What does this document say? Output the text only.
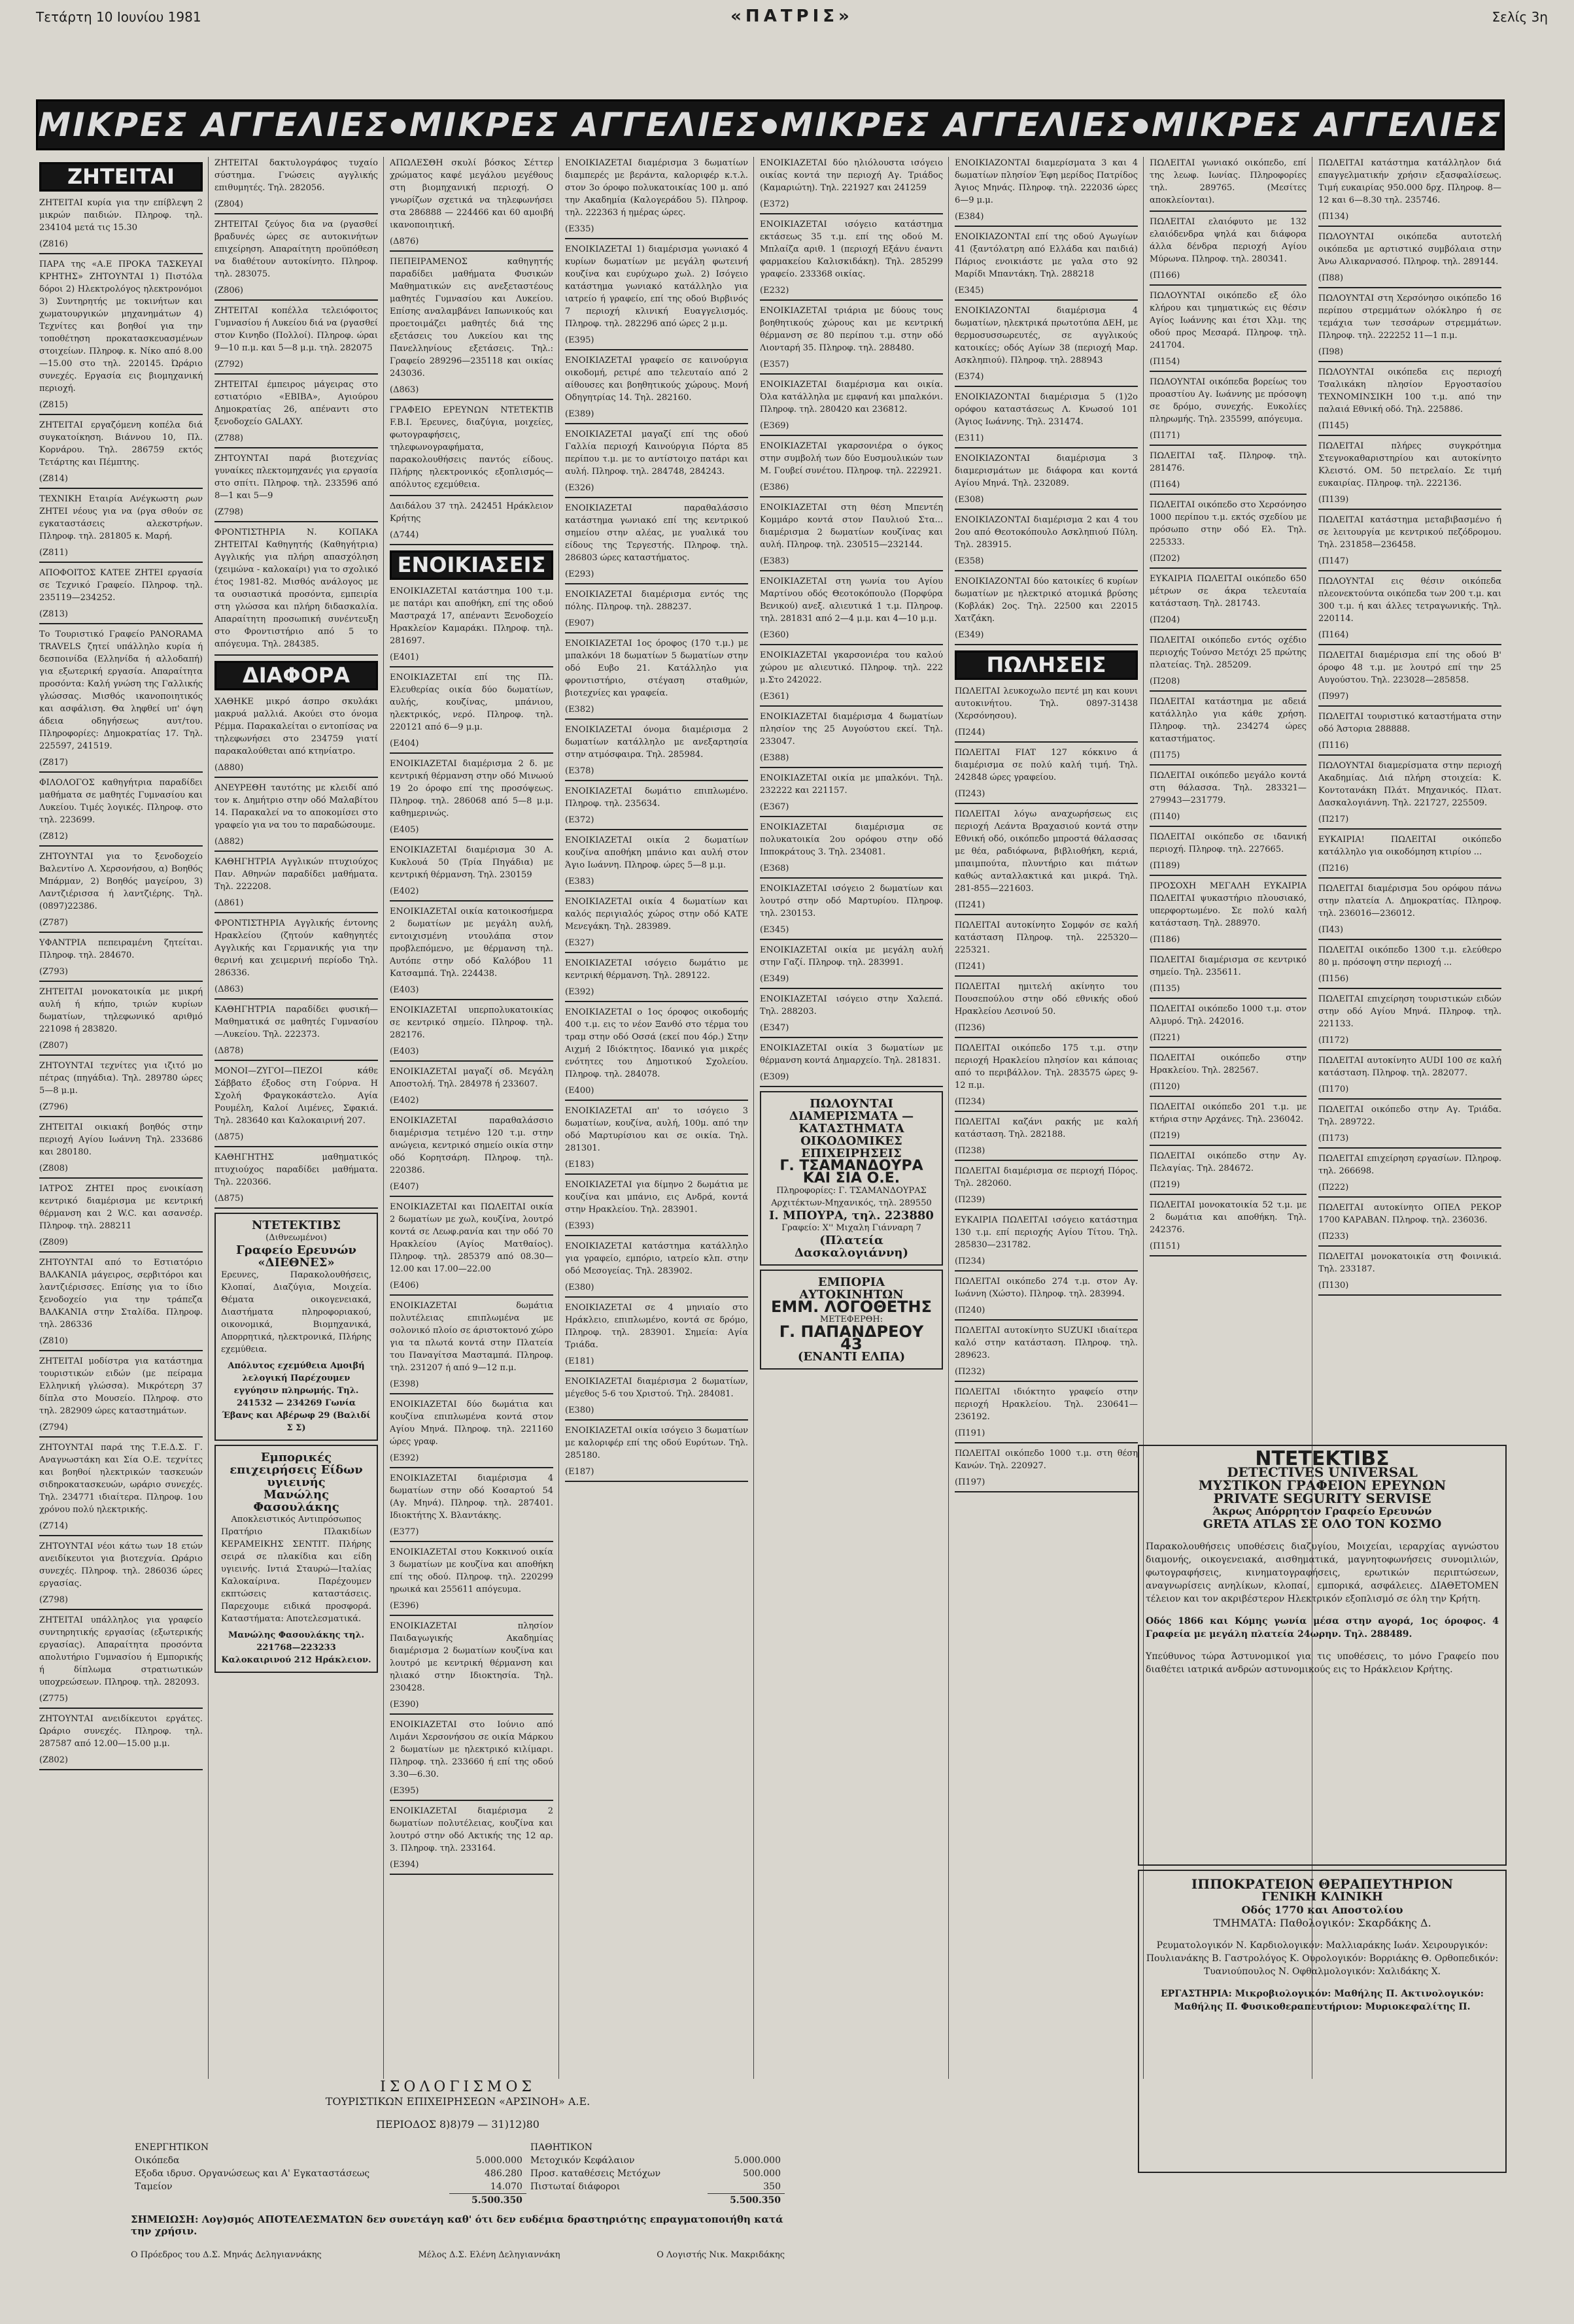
Τετάρτη 10 Ιουνίου 1981	«ΠΑΤΡΙΣ»	Σελίς 3η
ΜΙΚΡΕΣ ΑΓΓΕΛΙΕΣ ● ΜΙΚΡΕΣ ΑΓΓΕΛΙΕΣ ● ΜΙΚΡΕΣ ΑΓΓΕΛΙΕΣ ● ΜΙΚΡΕΣ ΑΓΓΕΛΙΕΣ
ΖΗΤΕΙΤΑΙ

ΖΗΤΕΙΤΑΙ κυρία για την επίβλεψη 2 μικρών παιδιών. Πληροφ. τηλ. 234104 μετά τις 15.30

(Ζ816)

ΠΑΡΑ της «Α.Ε ΠΡΟΚΑ ΤΑΣΚΕΥΑΙ ΚΡΗΤΗΣ» ΖΗΤΟΥΝΤΑΙ 1) Πιστόλα δόροι 2) Ηλεκτρολόγος ηλεκτρονόμοι 3) Συντηρητής με τοκινήτων και χωματουργικών μηχανημάτων 4) Τεχνίτες και βοηθοί για την τοποθέτηση προκατασκευασμένων στοιχείων. Πληροφ. κ. Νίκο από 8.00—15.00 στο τηλ. 220145. Ώράριο συνεχές. Εργασία εις βιομηχανική περιοχή.

(Ζ815)

ΖΗΤΕΙΤΑΙ εργαζόμενη κοπέλα διά συγκατοίκηση. Βιάννου 10, Πλ. Κορνάρου. Τηλ. 286759 εκτός Τετάρτης και Πέμπτης.

(Ζ814)

ΤΕΧΝΙΚΗ Εταιρία Ανέγκωστη ρων ΖΗΤΕΙ νέους για να (ργα σθούν σε εγκαταστάσεις αλεκστρήων. Πληροφ. τηλ. 281805 κ. Μαρή.

(Ζ811)

ΑΠΟΦΟΙΤΟΣ ΚΑΤΕΕ ΖΗΤΕΙ εργασία σε Τεχνικό Γραφείο. Πληροφ. τηλ. 235119—234252.

(Ζ813)

Το Τουριστικό Γραφείο PANORAMA TRAVELS ζητεί υπάλληλο κυρία ή δεσποινίδα (Ελληνίδα ή αλλοδαπή) για εξωτερική εργασία. Απαραίτητα προσόντα: Καλή γνώση της Γαλλικής γλώσσας. Μισθός ικανοποιητικός και ασφάλιση. Θα ληφθεί υπ' όψη άδεια οδηγήσεως αυτ/του. Πληροφορίες: Δημοκρατίας 17. Τηλ. 225597, 241519.

(Ζ817)

ΦΙΛΟΛΟΓΟΣ καθηγήτρια παραδίδει μαθήματα σε μαθητές Γυμνασίου και Λυκείου. Τιμές λογικές. Πληροφ. στο τηλ. 223699.

(Ζ812)

ΖΗΤΟΥΝΤΑΙ για το ξενοδοχείο Βαλεντίνο Λ. Χερσονήσου, α) Βοηθός Μπάρμαν, 2) Βοηθός μαγείρου, 3) Λαντζιέρισσα ή λαντζιέρης. Τηλ. (0897)22386.

(Ζ787)

ΥΦΑΝΤΡΙΑ πεπειραμένη ζητείται. Πληροφ. τηλ. 284670.

(Ζ793)

ΖΗΤΕΙΤΑΙ μονοκατοικία με μικρή αυλή ή κήπο, τριών κυρίων δωματίων, τηλεφωνικό αριθμό 221098 ή 283820.

(Ζ807)

ΖΗΤΟΥΝΤΑΙ τεχνίτες για ιζιτό μο πέτρας (πηγάδια). Τηλ. 289780 ώρες 5—8 μ.μ.

(Ζ796)

ΖΗΤΕΙΤΑΙ οικιακή βοηθός στην περιοχή Αγίου Ιωάννη Τηλ. 233686 και 280180.

(Ζ808)

ΙΑΤΡΟΣ ΖΗΤΕΙ προς ενοικίαση κεντρικό διαμέρισμα με κεντρική θέρμανση και 2 W.C. και ασανσέρ. Πληροφ. τηλ. 288211

(Ζ809)

ΖΗΤΟΥΝΤΑΙ από το Εστιατόριο ΒΑΛΚΑΝΙΑ μάγειρος, σερβιτόροι και λαντζιέρισσες. Επίσης για το ίδιο ξενοδοχείο για την τράπεζα ΒΑΛΚΑΝΙΑ στην Σταλίδα. Πληροφ. τηλ. 286336

(Ζ810)

ΖΗΤΕΙΤΑΙ μοδίστρα για κατάστημα τουριστικών ειδών (με πείραμα Ελληνική γλώσσα). Μικρότερη 37 δίπλα στο Μουσείο. Πληροφ. στο τηλ. 282909 ώρες καταστημάτων.

(Ζ794)

ΖΗΤΟΥΝΤΑΙ παρά της Τ.Ε.Δ.Σ. Γ. Αναγνωστάκη και Σία Ο.Ε. τεχνίτες και βοηθοί ηλεκτρικών τασκευών σιδηροκατασκευών, ωράριο συνεχές. Τηλ. 234771 ιδιαίτερα. Πληροφ. 1ου χρόνου πολύ ηλεκτρικής.

(Ζ714)

ΖΗΤΟΥΝΤΑΙ νέοι κάτω των 18 ετών ανειδίκευτοι για βιοτεχνία. Ωράριο συνεχές. Πληροφ. τηλ. 286036 ώρες εργασίας.

(Ζ798)

ΖΗΤΕΙΤΑΙ υπάλληλος για γραφείο συντηρητικής εργασίας (εξωτερικής εργασίας). Απαραίτητα προσόντα απολυτήριο Γυμνασίου ή Εμπορικής ή δίπλωμα στρατιωτικών υποχρεώσεων. Πληροφ. τηλ. 282093.

(Ζ775)

ΖΗΤΟΥΝΤΑΙ ανειδίκευτοι εργάτες. Ωράριο συνεχές. Πληροφ. τηλ. 287587 από 12.00—15.00 μ.μ.

(Ζ802)

ΖΗΤΕΙΤΑΙ δακτυλογράφος τυχαίο σύστημα. Γνώσεις αγγλικής επιθυμητές. Τηλ. 282056.

(Ζ804)

ΖΗΤΕΙΤΑΙ ζεύγος δια να (ργασθεί βραδυνές ώρες σε αυτοκινήτων επιχείρηση. Απαραίτητη προϋπόθεση να διαθέτουν αυτοκίνητο. Πληροφ. τηλ. 283075.

(Ζ806)

ΖΗΤΕΙΤΑΙ κοπέλλα τελειόφοιτος Γυμνασίου ή Λυκείου διά να (ργασθεί στον Κινηδο (Πολλοί). Πληροφ. ώραι 9—10 π.μ. και 5—8 μ.μ. τηλ. 282075

(Ζ792)

ΖΗΤΕΙΤΑΙ έμπειρος μάγειρας στο εστιατόριο «ΕΒΙΒΑ», Αγιούρου Δημοκρατίας 26, απέναντι στο ξενοδοχείο GALAXY.

(Ζ788)

ΖΗΤΟΥΝΤΑΙ παρά βιοτεχνίας γυναίκες πλεκτομηχανές για εργασία στο σπίτι. Πληροφ. τηλ. 233596 από 8—1 και 5—9

(Ζ798)

ΦΡΟΝΤΙΣΤΗΡΙΑ Ν. ΚΟΠΑΚΑ ΖΗΤΕΙΤΑΙ Καθηγητής (Καθηγήτρια) Αγγλικής για πλήρη απασχόληση (χειμώνα - καλοκαίρι) για το σχολικό έτος 1981-82. Μισθός ανάλογος με τα ουσιαστικά προσόντα, εμπειρία στη γλώσσα και πλήρη διδασκαλία. Απαραίτητη προσωπική συνέντευξη στο Φροντιστήριο από 5 το απόγευμα. Τηλ. 284385.

ΔΙΑΦΟΡΑ

ΧΑΘΗΚΕ μικρό άσπρο σκυλάκι μακρυά μαλλιά. Ακούει στο όνομα Ρέμμα. Παρακαλείται ο εντοπίσας να τηλεφωνήσει στο 234759 γιατί παρακαλούθεται από κτηνίατρο.

(Δ880)

ΑΝΕΥΡΕΘΗ ταυτότης με κλειδί από τον κ. Δημήτριο στην οδό Μαλαβίτου 14. Παρακαλεί να το αποκομίσει στο γραφείο για να του το παραδώσουμε.

(Δ882)

ΚΑΘΗΓΗΤΡΙΑ Αγγλικών πτυχιούχος Παν. Αθηνών παραδίδει μαθήματα. Τηλ. 222208.

(Δ861)

ΦΡΟΝΤΙΣΤΗΡΙΑ Αγγλικής έντονης Ηρακλείου (ζητούν καθηγητές Αγγλικής και Γερμανικής για την θερινή και χειμερινή περίοδο Τηλ. 286336.

(Δ863)

ΚΑΘΗΓΗΤΡΙΑ παραδίδει φυσική—Μαθηματικά σε μαθητές Γυμνασίου—Λυκείου. Τηλ. 222373.

(Δ878)

ΜΟΝΟΙ—ΖΥΓΟΙ—ΠΕΖΟΙ κάθε Σάββατο έξοδος στη Γούρνα. Η Σχολή Φραγκοκάστελο. Αγία Ρουμέλη, Καλοί Λιμένες, Σφακιά. Τηλ. 283640 και Καλοκαιρινή 207.

(Δ875)

ΚΑΘΗΓΗΤΗΣ μαθηματικός πτυχιούχος παραδίδει μαθήματα. Τηλ. 220366.

(Δ875)
ΝΤΕΤΕΚΤΙΒΣ
(Διθνεωμένοι)
Γραφείο Ερευνών
«ΔΙΕΘΝΕΣ»

Ερευνες, Παρακολουθήσεις, Κλοπαί, Διαζύγια, Μοιχεία. Θέματα οικογενειακά, Διαστήματα πληροφοριακού, οικονομικά, Βιομηχανικά, Απορρητικά, ηλεκτρονικά, Πλήρης εχεμύθεια.

Απόλυτος εχεμύθεια Αμοιβή λελογική Παρέχουμεν εγγύησιν πληρωμής. Τηλ. 241532 — 234269 Γωνία Έβανς και Αβέρωφ 29 (Βαλιδί Σ Σ)
Εμπορικές επιχειρήσεις Είδων υγιεινής
Μανώλης Φασουλάκης
Αποκλειστικός Αντιπρόσωπος

Πρατήριο Πλακιδίων ΚΕΡΑΜΕΙΚΗΣ ΣΕΝΤΙΤ. Πλήρης σειρά σε πλακίδια και είδη υγιεινής. Ιντιά Σταυρώ—Ιταλίας Καλοκαίρινα. Παρέχουμεν εκπτώσεις καταστάσεις. Παρεχουμε ειδικά προσφορά. Καταστήματα: Αποτελεσματικά.

Μανώλης Φασουλάκης τηλ. 221768—223233 Καλοκαιρινού 212 Ηράκλειον.

ΑΠΩΛΕΣΘΗ σκυλί βόσκος Σέττερ χρώματος καφέ μεγάλου μεγέθους στη βιομηχανική περιοχή. Ο γνωρίζων σχετικά να τηλεφωνήσει στα 286888 — 224466 και 60 αμοιβή ικανοποιητική.

(Δ876)

ΠΕΠΕΙΡΑΜΕΝΟΣ καθηγητής παραδίδει μαθήματα Φυσικών Μαθηματικών εις ανεξεταστέους μαθητές Γυμνασίου και Λυκείου. Επίσης αναλαμβάνει Ιαπωνικούς και προετοιμάζει μαθητές διά της εξετάσεις του Λυκείου και της Πανελληνίους εξετάσεις. Τηλ.: Γραφείο 289296—235118 και οικίας 243036.

(Δ863)

ΓΡΑΦΕΙΟ ΕΡΕΥΝΩΝ ΝΤΕΤΕΚΤΙΒ F.B.I. Έρευνες, διαζύγια, μοιχείες, φωτογραφήσεις, τηλεφωνογραφήματα, παρακολουθήσεις παντός είδους. Πλήρης ηλεκτρονικός εξοπλισμός—απόλυτος εχεμύθεια.

Δαιδάλου 37 τηλ. 242451 Ηράκλειον Κρήτης

(Δ744)
ΕΝΟΙΚΙΑΣΕΙΣ

ΕΝΟΙΚΙΑΖΕΤΑΙ κατάστημα 100 τ.μ. με πατάρι και αποθήκη, επί της οδού Μαστραχά 17, απέναντι Ξενοδοχείο Ηρακλείον Καμαράκι. Πληροφ. τηλ. 281697.

(Ε401)

ΕΝΟΙΚΙΑΖΕΤΑΙ επί της Πλ. Ελευθερίας οικία δύο δωματίων, αυλής, κουζίνας, μπάνιου, ηλεκτρικός, νερό. Πληροφ. τηλ. 220121 από 6—9 μ.μ.

(Ε404)

ΕΝΟΙΚΙΑΖΕΤΑΙ διαμέρισμα 2 δ. με κεντρική θέρμανση στην οδό Μινωού 19 2ο όροφο επί της προσόψεως. Πληροφ. τηλ. 286068 από 5—8 μ.μ. καθημερινώς.

(Ε405)

ΕΝΟΙΚΙΑΖΕΤΑΙ διαμέρισμα 30 Α. Κυκλουά 50 (Τρία Πηγάδια) με κεντρική θέρμανση. Τηλ. 230159

(Ε402)

ΕΝΟΙΚΙΑΖΕΤΑΙ οικία κατοικοσήμερα 2 δωματίων με μεγάλη αυλή, εντοιχισμένη ντουλάπα στον προβλεπόμενο, με θέρμανση τηλ. Αυτόπε στην οδό Καλόβου 11 Κατσαμπά. Τηλ. 224438.

(Ε403)

ΕΝΟΙΚΙΑΖΕΤΑΙ υπερπολυκατοικίας σε κεντρικό σημείο. Πληροφ. τηλ. 282176.

(Ε403)

ΕΝΟΙΚΙΑΖΕΤΑΙ μαγαζί σδ. Μεγάλη Αποστολή. Τηλ. 284978 ή 233607.

(Ε402)

ΕΝΟΙΚΙΑΖΕΤΑΙ παραθαλάσσιο διαμέρισμα τετμένο 120 τ.μ. στην ανώγεια, κεντρικό σημείο οικία στην οδό Κορητσάρη. Πληροφ. τηλ. 220386.

(Ε407)

ΕΝΟΙΚΙΑΖΕΤΑΙ και ΠΩΛΕΙΤΑΙ οικία 2 δωματίων με χωλ, κουζίνα, λουτρό κοντά σε Λεωφ.ρανία και την οδό 70 Ηρακλείου (Αγίος Ματθαίος). Πληροφ. τηλ. 285379 από 08.30—12.00 και 17.00—22.00

(Ε406)

ΕΝΟΙΚΙΑΖΕΤΑΙ δωμάτια πολυτέλειας επιπλωμένα με σολονικό πλοίο σε άριστοκτονό χώρο για τα πλωτά κοντά στην Πλατεία του Παναγίτσα Μασταμπά. Πληροφ. τηλ. 231207 ή από 9—12 π.μ.

(Ε398)

ΕΝΟΙΚΙΑΖΕΤΑΙ δύο δωμάτια και κουζίνα επιπλωμένα κοντά στον Αγίου Μηνά. Πληροφ. τηλ. 221160 ώρες γραφ.

(Ε392)

ΕΝΟΙΚΙΑΖΕΤΑΙ διαμέρισμα 4 δωματίων στην οδό Κοσαρτού 54 (Αγ. Μηνά). Πληροφ. τηλ. 287401. Ιδιοκτήτης Χ. Βλαντάκης.

(Ε377)

ΕΝΟΙΚΙΑΖΕΤΑΙ στου Κοκκινού οικία 3 δωματίων με κουζίνα και αποθήκη επί της οδού. Πληροφ. τηλ. 220299 ηρωικά και 255611 απόγευμα.

(Ε396)

ΕΝΟΙΚΙΑΖΕΤΑΙ πλησίον Παιδαγωγικής Ακαδημίας διαμέρισμα 2 δωματίων κουζίνα και λουτρό με κεντρική θέρμανση και ηλιακό στην Ιδιοκτησία. Τηλ. 230428.

(Ε390)

ΕΝΟΙΚΙΑΖΕΤΑΙ στο Ιούνιο από Λιμάνι Χερσονήσου σε οικία Μάρκου 2 δωματίων με ηλεκτρικό κιλίμαρι. Πληροφ. τηλ. 233660 ή επί της οδού 3.30—6.30.

(Ε395)

ΕΝΟΙΚΙΑΖΕΤΑΙ διαμέρισμα 2 δωματίων πολυτέλειας, κουζίνα και λουτρό στην οδό Ακτικής της 12 αρ. 3. Πληροφ. τηλ. 233164.

(Ε394)

ΕΝΟΙΚΙΑΖΕΤΑΙ διαμέρισμα 3 δωματίων διαμπερές με βεράντα, καλοριφέρ κ.τ.λ. στον 3ο όροφο πολυκατοικίας 100 μ. από την Ακαδημία (Καλογεράδου 5). Πληροφ. τηλ. 222363 ή ημέρας ώρες.

(Ε335)

ΕΝΟΙΚΙΑΖΕΤΑΙ 1) διαμέρισμα γωνιακό 4 κυρίων δωματίων με μεγάλη φωτεινή κουζίνα και ευρύχωρο χωλ. 2) Ισόγειο κατάστημα γωνιακό κατάλληλο για ιατρείο ή γραφείο, επί της οδού Βιρβινός 7 περιοχή κλινική Ευαγγελισμός. Πληροφ. τηλ. 282296 από ώρες 2 μ.μ.

(Ε395)

ΕΝΟΙΚΙΑΖΕΤΑΙ γραφείο σε καινούργια οικοδομή, ρετιρέ απο τελευταίο από 2 αίθουσες και βοηθητικούς χώρους. Μονή Οδηγητρίας 14. Τηλ. 282160.

(Ε389)

ΕΝΟΙΚΙΑΖΕΤΑΙ μαγαζί επί της οδού Γαλλία περιοχή Καινούργια Πόρτα 85 περίπου τ.μ. με το αντίστοιχο πατάρι και αυλή. Πληροφ. τηλ. 284748, 284243.

(Ε326)

ΕΝΟΙΚΙΑΖΕΤΑΙ παραθαλάσσιο κατάστημα γωνιακό επί της κεντρικού σημείου στην αλέας, με γυαλικά του είδους της Τεργεστής. Πληροφ. τηλ. 286803 ώρες καταστήματος.

(Ε293)

ΕΝΟΙΚΙΑΖΕΤΑΙ διαμέρισμα εντός της πόλης. Πληροφ. τηλ. 288237.

(Ε907)

ΕΝΟΙΚΙΑΖΕΤΑΙ 1ος όροφος (170 τ.μ.) με μπαλκόνι 18 δωματίων 5 δωματίων στην οδό Ευβο 21. Κατάλληλο για φροντιστήριο, στέγαση σταθμών, βιοτεχνίες και γραφεία.

(Ε382)

ΕΝΟΙΚΙΑΖΕΤΑΙ όνομα διαμέρισμα 2 δωματίων κατάλληλο με ανεξαρτησία στην ατμόσφαιρα. Τηλ. 285984.

(Ε378)

ΕΝΟΙΚΙΑΖΕΤΑΙ δωμάτιο επιπλωμένο. Πληροφ. τηλ. 235634.

(Ε372)

ΕΝΟΙΚΙΑΖΕΤΑΙ οικία 2 δωματίων κουζίνα αποθήκη μπάνιο και αυλή στον Άγιο Ιωάννη. Πληροφ. ώρες 5—8 μ.μ.

(Ε383)

ΕΝΟΙΚΙΑΖΕΤΑΙ οικία 4 δωματίων και καλός περιγιαλός χώρος στην οδό ΚΑΤΕ Μενεγάκη. Τηλ. 283989.

(Ε327)

ΕΝΟΙΚΙΑΖΕΤΑΙ ισόγειο δωμάτιο με κεντρική θέρμανση. Τηλ. 289122.

(Ε392)

ΕΝΟΙΚΙΑΖΕΤΑΙ ο 1ος όροφος οικοδομής 400 τ.μ. εις το νέον Ξανθό στο τέρμα του τραμ στην οδό Οσσά (εκεί που 4όρ.) Στην Αιχμή 2 Ιδιόκτητος. Ιδανικό για μικρές ενότητες του Δημοτικού Σχολείου. Πληροφ. τηλ. 284078.

(Ε400)

ΕΝΟΙΚΙΑΖΕΤΑΙ απ' το ισόγειο 3 δωματίων, κουζίνα, αυλή, 100μ. από την οδό Μαρτυρίσιου και σε οικία. Τηλ. 281301.

(Ε183)

ΕΝΟΙΚΙΑΖΕΤΑΙ για δίμηνο 2 δωμάτια με κουζίνα και μπάνιο, εις Ανδρά, κοντά στην Ηρακλείου. Τηλ. 283901.

(Ε393)

ΕΝΟΙΚΙΑΖΕΤΑΙ κατάστημα κατάλληλο για γραφείο, εμπόριο, ιατρείο κλπ. στην οδό Μεσογείας. Τηλ. 283902.

(Ε380)

ΕΝΟΙΚΙΑΖΕΤΑΙ σε 4 μηνιαίο στο Ηράκλειο, επιπλωμένο, κοντά σε δρόμο, Πληροφ. τηλ. 283901. Σημεία: Αγία Τριάδα.

(Ε181)

ΕΝΟΙΚΙΑΖΕΤΑΙ διαμέρισμα 2 δωματίων, μέγεθος 5-6 του Χριστού. Τηλ. 284081.

(Ε380)

ΕΝΟΙΚΙΑΖΕΤΑΙ οικία ισόγειο 3 δωματίων με καλοριφέρ επί της οδού Ευρύτων. Τηλ. 285180.

(Ε187)

ΕΝΟΙΚΙΑΖΕΤΑΙ δύο ηλιόλουστα ισόγειο οικίας κοντά την περιοχή Αγ. Τριάδος (Καμαριώτη). Τηλ. 221927 και 241259

(Ε372)

ΕΝΟΙΚΙΑΖΕΤΑΙ ισόγειο κατάστημα εκτάσεως 35 τ.μ. επί της οδού Μ. Μπλαίζα αριθ. 1 (περιοχή Εξάνυ έναντι φαρμακείου Καλισκιδάκη). Τηλ. 285299 γραφείο. 233368 οικίας.

(Ε232)

ΕΝΟΙΚΙΑΖΕΤΑΙ τριάρια με δύους τους βοηθητικούς χώρους και με κεντρική θέρμανση σε 80 περίπου τ.μ. στην οδό Λιονταρή 35. Πληροφ. τηλ. 288480.

(Ε357)

ΕΝΟΙΚΙΑΖΕΤΑΙ διαμέρισμα και οικία. Όλα κατάλληλα με εμφανή και μπαλκόνι. Πληροφ. τηλ. 280420 και 236812.

(Ε369)

ΕΝΟΙΚΙΑΖΕΤΑΙ γκαρσονιέρα ο όγκος στην συμβολή των δύο Ευσμουλικών των Μ. Γουβεί συνέτου. Πληροφ. τηλ. 222921.

(Ε386)

ΕΝΟΙΚΙΑΖΕΤΑΙ στη θέση Μπεντέη Κομμάρο κοντά στον Παυλιού Στα... διαμέρισμα 2 δωματίων κουζίνας και αυλή. Πληροφ. τηλ. 230515—232144.

(Ε383)

ΕΝΟΙΚΙΑΖΕΤΑΙ στη γωνία του Αγίου Μαρτίνου οδός Θεοτοκόπουλο (Πορφύρα Βενικού) ανεξ. αλιευτικά 1 τ.μ. Πληροφ. τηλ. 281831 από 2—4 μ.μ. και 4—10 μ.μ.

(Ε360)

ΕΝΟΙΚΙΑΖΕΤΑΙ γκαρσονιέρα του καλού χώρου με αλιευτικό. Πληροφ. τηλ. 222 μ.Στο 242022.

(Ε361)

ΕΝΟΙΚΙΑΖΕΤΑΙ διαμέρισμα 4 δωματίων πλησίον της 25 Αυγούστου εκεί. Τηλ. 233047.

(Ε388)

ΕΝΟΙΚΙΑΖΕΤΑΙ οικία με μπαλκόνι. Τηλ. 232222 και 221157.

(Ε367)

ΕΝΟΙΚΙΑΖΕΤΑΙ διαμέρισμα σε πολυκατοικία 2ου ορόφου στην οδό Ιπποκράτους 3. Τηλ. 234081.

(Ε368)

ΕΝΟΙΚΙΑΖΕΤΑΙ ισόγειο 2 δωματίων και λουτρό στην οδό Μαρτυρίου. Πληροφ. τηλ. 230153.

(Ε345)

ΕΝΟΙΚΙΑΖΕΤΑΙ οικία με μεγάλη αυλή στην Γαζί. Πληροφ. τηλ. 283991.

(Ε349)

ΕΝΟΙΚΙΑΖΕΤΑΙ ισόγειο στην Χαλεπά. Τηλ. 288203.

(Ε347)

ΕΝΟΙΚΙΑΖΕΤΑΙ οικία 3 δωματίων με θέρμανση κοντά Δημαρχείο. Τηλ. 281831.

(Ε309)
ΠΩΛΟΥΝΤΑΙ
ΔΙΑΜΕΡΙΣΜΑΤΑ — ΚΑΤΑΣΤΗΜΑΤΑ
ΟΙΚΟΔΟΜΙΚΕΣ ΕΠΙΧΕΙΡΗΣΕΙΣ
Γ. ΤΣΑΜΑΝΔΟΥΡΑ ΚΑΙ ΣΙΑ Ο.Ε.
Πληροφορίες: Γ. ΤΣΑΜΑΝΔΟΥΡΑΣ
Αρχιτέκτων-Μηχανικός, τηλ. 289550
Ι. ΜΠΟΥΡΑ, τηλ. 223880
Γραφείο: Χ'' Μιχαλη Γιάνναρη 7
(Πλατεία Δασκαλογιάννη)
ΕΜΠΟΡΙΑ ΑΥΤΟΚΙΝΗΤΩΝ
ΕΜΜ. ΛΟΓΟΘΕΤΗΣ
ΜΕΤΕΦΕΡΘΗ:
Γ. ΠΑΠΑΝΔΡΕΟΥ 43
(ΕΝΑΝΤΙ ΕΛΠΑ)

ΕΝΟΙΚΙΑΖΟΝΤΑΙ διαμερίσματα 3 και 4 δωματίων πλησίον Έφη μερίδος Πατρίδος Άγιος Μηνάς. Πληροφ. τηλ. 222036 ώρες 6—9 μ.μ.

(Ε384)

ΕΝΟΙΚΙΑΖΟΝΤΑΙ επί της οδού Αγωγίων 41 (ξαντόλατρη από Ελλάδα και παιδιά) Πάριος ενοικιάστε με γαλα στο 92 Μαρίδι Μπαντάκη. Τηλ. 288218

(Ε345)

ΕΝΟΙΚΙΑΖΟΝΤΑΙ διαμέρισμα 4 δωματίων, ηλεκτρικά πρωτοτύπα ΔΕΗ, με θερμοσυσσωρευτές, σε αγγλικούς κατοικίες; οδός Αγίων 38 (περιοχή Μαρ. Ασκληπιού). Πληροφ. τηλ. 288943

(Ε374)

ΕΝΟΙΚΙΑΖΟΝΤΑΙ διαμέρισμα 5 (1)2ο ορόφου καταστάσεως Λ. Κνωσού 101 (Άγιος Ιωάννης. Τηλ. 231474.

(Ε311)

ΕΝΟΙΚΙΑΖΟΝΤΑΙ διαμέρισμα 3 διαμερισμάτων με διάφορα και κοντά Αγίου Μηνά. Τηλ. 232089.

(Ε308)

ΕΝΟΙΚΙΑΖΟΝΤΑΙ διαμέρισμα 2 και 4 του 2ου από Θεοτοκόπουλο Ασκληπιού Πύλη. Τηλ. 283915.

(Ε358)

ΕΝΟΙΚΙΑΖΟΝΤΑΙ δύο κατοικίες 6 κυρίων δωματίων με ηλεκτρικό ατομικά βρύσης (Κοβλάκ) 2ος. Τηλ. 22500 και 22015 Χατζάκη.

(Ε349)
ΠΩΛΗΣΕΙΣ

ΠΩΛΕΙΤΑΙ λευκοχωλο πεντέ μη και κουνι αυτοκινήτου. Τηλ. 0897-31438 (Χερσόνησου).

(Π244)

ΠΩΛΕΙΤΑΙ FIAT 127 κόκκινο ά διαμέρισμα σε πολύ καλή τιμή. Τηλ. 242848 ώρες γραφείου.

(Π243)

ΠΩΛΕΙΤΑΙ λόγω αναχωρήσεως εις περιοχή Λεάντα Βραχασιού κοντά στην Εθνική οδό, οικόπεδο μπροστά θάλασσας με θέα, ραδιόφωνα, βιβλιοθήκη, κεριά, μπαιμπούτα, πλυντήριο και πιάτων καθώς ανταλλακτικά και μικρά. Τηλ. 281-855—221603.

(Π241)

ΠΩΛΕΙΤΑΙ αυτοκίνητο Σομφόν σε καλή κατάσταση Πληροφ. τηλ. 225320—225321.

(Π241)

ΠΩΛΕΙΤΑΙ ημιτελή ακίνητο του Πουσεπούλου στην οδό εθνικής οδού Ηρακλείου Λεσινού 50.

(Π236)

ΠΩΛΕΙΤΑΙ οικόπεδο 175 τ.μ. στην περιοχή Ηρακλείου πλησίον και κάποιας από το περιβάλλον. Τηλ. 283575 ώρες 9-12 π.μ.

(Π234)

ΠΩΛΕΙΤΑΙ καζάνι ρακής με καλή κατάσταση. Τηλ. 282188.

(Π238)

ΠΩΛΕΙΤΑΙ διαμέρισμα σε περιοχή Πόρος. Τηλ. 282060.

(Π239)

ΕΥΚΑΙΡΙΑ ΠΩΛΕΙΤΑΙ ισόγειο κατάστημα 130 τ.μ. επί περιοχής Αγίου Τίτου. Τηλ. 285830—231782.

(Π234)

ΠΩΛΕΙΤΑΙ οικόπεδο 274 τ.μ. στον Αγ. Ιωάννη (Χώστο). Πληροφ. τηλ. 283994.

(Π240)

ΠΩΛΕΙΤΑΙ αυτοκίνητο SUZUKI ιδιαίτερα καλό στην κατάσταση. Πληροφ. τηλ. 289623.

(Π232)

ΠΩΛΕΙΤΑΙ ιδιόκτητο γραφείο στην περιοχή Ηρακλείου. Τηλ. 230641—236192.

(Π191)

ΠΩΛΕΙΤΑΙ οικόπεδο 1000 τ.μ. στη θέση Κανών. Τηλ. 220927.

(Π197)

ΠΩΛΕΙΤΑΙ γωνιακό οικόπεδο, επί της λεωφ. Ιωνίας. Πληροφορίες τηλ. 289765. (Μεσίτες αποκλείονται).

ΠΩΛΕΙΤΑΙ ελαιόφυτο με 132 ελαιόδενδρα ψηλά και διάφορα άλλα δένδρα περιοχή Αγίου Μύρωνα. Πληροφ. τηλ. 280341.

(Π166)

ΠΩΛΟΥΝΤΑΙ οικόπεδο εξ όλο κλήρου και τμηματικώς εις θέσιν Αγίος Ιωάννης και έτσι Χλμ. της οδού προς Μεσαρά. Πληροφ. τηλ. 241704.

(Π154)

ΠΩΛΟΥΝΤΑΙ οικόπεδα βορείως του προαστίου Αγ. Ιωάννης με πρόσοψη σε δρόμο, συνεχής. Ευκολίες πληρωμής. Τηλ. 235599, απόγευμα.

(Π171)

ΠΩΛΕΙΤΑΙ ταξ. Πληροφ. τηλ. 281476.

(Π164)

ΠΩΛΕΙΤΑΙ οικόπεδο στο Χερσόνησο 1000 περίπου τ.μ. εκτός σχεδίου με πρόσωπο στην οδό Ελ. Τηλ. 225333.

(Π202)

ΕΥΚΑΙΡΙΑ ΠΩΛΕΙΤΑΙ οικόπεδο 650 μέτρων σε άκρα τελευταία κατάσταση. Τηλ. 281743.

(Π204)

ΠΩΛΕΙΤΑΙ οικόπεδο εντός οχέδιο περιοχής Τούνσο Μετόχι 25 πρώτης πλατείας. Τηλ. 285209.

(Π208)

ΠΩΛΕΙΤΑΙ κατάστημα με αδειά κατάλληλο για κάθε χρήση. Πληροφ. τηλ. 234274 ώρες καταστήματος.

(Π175)

ΠΩΛΕΙΤΑΙ οικόπεδο μεγάλο κοντά στη θάλασσα. Τηλ. 283321—279943—231779.

(Π140)

ΠΩΛΕΙΤΑΙ οικόπεδο σε ιδανική περιοχή. Πληροφ. τηλ. 227665.

(Π189)

ΠΡΟΣΟΧΗ ΜΕΓΑΛΗ ΕΥΚΑΙΡΙΑ ΠΩΛΕΙΤΑΙ ψυκαστήριο πλουσιακό, υπερφορτωμένο. Σε πολύ καλή κατάσταση. Τηλ. 288970.

(Π186)

ΠΩΛΕΙΤΑΙ διαμέρισμα σε κεντρικό σημείο. Τηλ. 235611.

(Π135)

ΠΩΛΕΙΤΑΙ οικόπεδο 1000 τ.μ. στον Αλμυρό. Τηλ. 242016.

(Π221)

ΠΩΛΕΙΤΑΙ οικόπεδο στην Ηρακλείου. Τηλ. 282567.

(Π120)

ΠΩΛΕΙΤΑΙ οικόπεδο 201 τ.μ. με κτήρια στην Αρχάνες. Τηλ. 236042.

(Π219)

ΠΩΛΕΙΤΑΙ οικόπεδο στην Αγ. Πελαγίας. Τηλ. 284672.

(Π219)

ΠΩΛΕΙΤΑΙ μονοκατοικία 52 τ.μ. με 2 δωμάτια και αποθήκη. Τηλ. 242376.

(Π151)

ΠΩΛΕΙΤΑΙ κατάστημα κατάλληλον διά επαγγελματικήν χρήσιν εξασφαλίσεως. Τιμή ευκαιρίας 950.000 δρχ. Πληροφ. 8—12 και 6—8.30 τηλ. 235746.

(Π134)

ΠΩΛΟΥΝΤΑΙ οικόπεδα αυτοτελή οικόπεδα με αρτιστικό συμβόλαια στην Άνω Αλικαρνασσό. Πληροφ. τηλ. 289144.

(Π88)

ΠΩΛΟΥΝΤΑΙ στη Χερσόνησο οικόπεδο 16 περίπου στρεμμάτων ολόκληρο ή σε τεμάχια των τεσσάρων στρεμμάτων. Πληροφ. τηλ. 222252 11—1 π.μ.

(Π98)

ΠΩΛΟΥΝΤΑΙ οικόπεδα εις περιοχή Τσαλικάκη πλησίον Εργοστασίου ΤΕΧΝΟΜΙΝΣΙΚΗ 100 τ.μ. από την παλαιά Εθνική οδό. Τηλ. 225886.

(Π145)

ΠΩΛΕΙΤΑΙ πλήρες συγκρότημα Στεγνοκαθαριστηρίου και αυτοκίνητο Κλειστό. ΟΜ. 50 πετρελαίο. Σε τιμή ευκαιρίας. Πληροφ. τηλ. 222136.

(Π139)

ΠΩΛΕΙΤΑΙ κατάστημα μεταβιβασμένο ή σε λειτουργία με κεντρικού πεζόδρομου. Τηλ. 231858—236458.

(Π147)

ΠΩΛΟΥΝΤΑΙ εις θέσιν οικόπεδα πλεονεκτούντα οικόπεδα των 200 τ.μ. και 300 τ.μ. ή και άλλες τετραγωνικής. Τηλ. 220114.

(Π164)

ΠΩΛΕΙΤΑΙ διαμέρισμα επί της οδού Β' όροφο 48 τ.μ. με λουτρό επί την 25 Αυγούστου. Τηλ. 223028—285858.

(Π997)

ΠΩΛΕΙΤΑΙ τουριστικό καταστήματα στην οδό Άστορια 288888.

(Π116)

ΠΩΛΟΥΝΤΑΙ διαμερίσματα στην περιοχή Ακαδημίας. Διά πλήρη στοιχεία: Κ. Κοντοτανάκη Πλάτ. Μηχανικός. Πλατ. Δασκαλογιάννη. Τηλ. 221727, 225509.

(Π217)

ΕΥΚΑΙΡΙΑ! ΠΩΛΕΙΤΑΙ οικόπεδο κατάλληλο για οικοδόμηση κτιρίου ...

(Π216)

ΠΩΛΕΙΤΑΙ διαμέρισμα 5ου ορόφου πάνω στην πλατεία Λ. Δημοκρατίας. Πληροφ. τηλ. 236016—236012.

(Π43)

ΠΩΛΕΙΤΑΙ οικόπεδο 1300 τ.μ. ελεύθερο 80 μ. πρόσοψη στην περιοχή ...

(Π156)

ΠΩΛΕΙΤΑΙ επιχείρηση τουριστικών ειδών στην οδό Αγίου Μηνά. Πληροφ. τηλ. 221133.

(Π172)

ΠΩΛΕΙΤΑΙ αυτοκίνητο AUDI 100 σε καλή κατάσταση. Πληροφ. τηλ. 282077.

(Π170)

ΠΩΛΕΙΤΑΙ οικόπεδο στην Αγ. Τριάδα. Τηλ. 289722.

(Π173)

ΠΩΛΕΙΤΑΙ επιχείρηση εργασίων. Πληροφ. τηλ. 266698.

(Π222)

ΠΩΛΕΙΤΑΙ αυτοκίνητο ΟΠΕΛ ΡΕΚΟΡ 1700 ΚΑΡΑΒΑΝ. Πληροφ. τηλ. 236036.

(Π233)

ΠΩΛΕΙΤΑΙ μονοκατοικία στη Φοινικιά. Τηλ. 233187.

(Π130)
ΝΤΕΤΕΚΤΙΒΣ
DETECTIVES UNIVERSAL
ΜΥΣΤΙΚΟΝ ΓΡΑΦΕΙΟΝ ΕΡΕΥΝΩΝ
PRIVATE SEGURITY SERVISE
Άκρως Απόρρητον Γραφείο Ερευνών
GRETA ATLAS ΣΕ ΟΛΟ ΤΟΝ ΚΟΣΜΟ

Παρακολουθήσεις υποθέσεις διαζυγίου, Μοιχείαι, ιεραρχίας αγνώστου διαμονής, οικογενειακά, αισθηματικά, μαγνητοφωνήσεις συνομιλιών, φωτογραφήσεις, κινηματογραφήσεις, ερωτικών περιπτώσεων, αναγνωρίσεις ανηλίκων, κλοπαί, εμπορικά, ασφάλειες. ΔΙΑΘΕΤΟΜΕΝ τέλειον και τον ακριβέστερον Ηλεκτρικόν εξοπλισμό σε όλη την Κρήτη.

Οδός 1866 και Κόμης γωνία μέσα στην αγορά, 1ος όροφος. 4 Γραφεία με μεγάλη πλατεία 24ωρην. Τηλ. 288489.

Υπεύθυνος τώρα Άστυνομικοί για τις υποθέσεις, το μόνο Γραφείο που διαθέτει ιατρικά ανδρών αστυνομικούς εις το Ηράκλειον Κρήτης.

ΙΠΠΟΚΡΑΤΕΙΟΝ ΘΕΡΑΠΕΥΤΗΡΙΟΝ
ΓΕΝΙΚΗ ΚΛΙΝΙΚΗ
Οδός 1770 και Αποστολίου
ΤΜΗΜΑΤΑ: Παθολογικόν: Σκαρδάκης Δ.

Ρευματολογικόν Ν. Καρδιολογικόν: Μαλλιαράκης Ιωάν. Χειρουργικόν: Πουλιανάκης Β. Γαστρολόγος Κ. Ουρολογικόν: Βορριάκης Θ. Ορθοπεδικόν: Τυανιούπουλος Ν. Οφθαλμολογικόν: Χαλιδάκης Χ.

ΕΡΓΑΣΤΗΡΙΑ: Μικροβιολογικόν: Μαθήλης Π. Ακτινολογικόν: Μαθήλης Π. Φυσικοθεραπευτήριον: Μυριοκεφαλίτης Π.

ΙΣΟΛΟΓΙΣΜΟΣ
ΤΟΥΡΙΣΤΙΚΩΝ ΕΠΙΧΕΙΡΗΣΕΩΝ «ΑΡΣΙΝΟΗ» Α.Ε.
ΠΕΡΙΟΔΟΣ 8)8)79 — 31)12)80
ΕΝΕΡΓΗΤΙΚΟΝ		ΠΑΘΗΤΙΚΟΝ	
Οικόπεδα	5.000.000	Μετοχικόν Κεφάλαιον	5.000.000
Εξοδα ιδρυσ. Οργανώσεως και Α' Εγκαταστάσεως	486.280	Προσ. καταθέσεις Μετόχων	500.000
Ταμείον	14.070	Πιστωταί διάφοροι	350
	5.500.350		5.500.350
ΣΗΜΕΙΩΣΗ: Λογ)σμός ΑΠΟΤΕΛΕΣΜΑΤΩΝ δεν συνετάγη καθ' ότι δεν ευδέμια δραστηριότης επραγματοποιήθη κατά την χρήσιν.
Ο Πρόεδρος του Δ.Σ. Μηνάς Δεληγιαννάκης	Μέλος Δ.Σ. Ελένη Δεληγιαννάκη	Ο Λογιστής Νικ. Μακριδάκης
